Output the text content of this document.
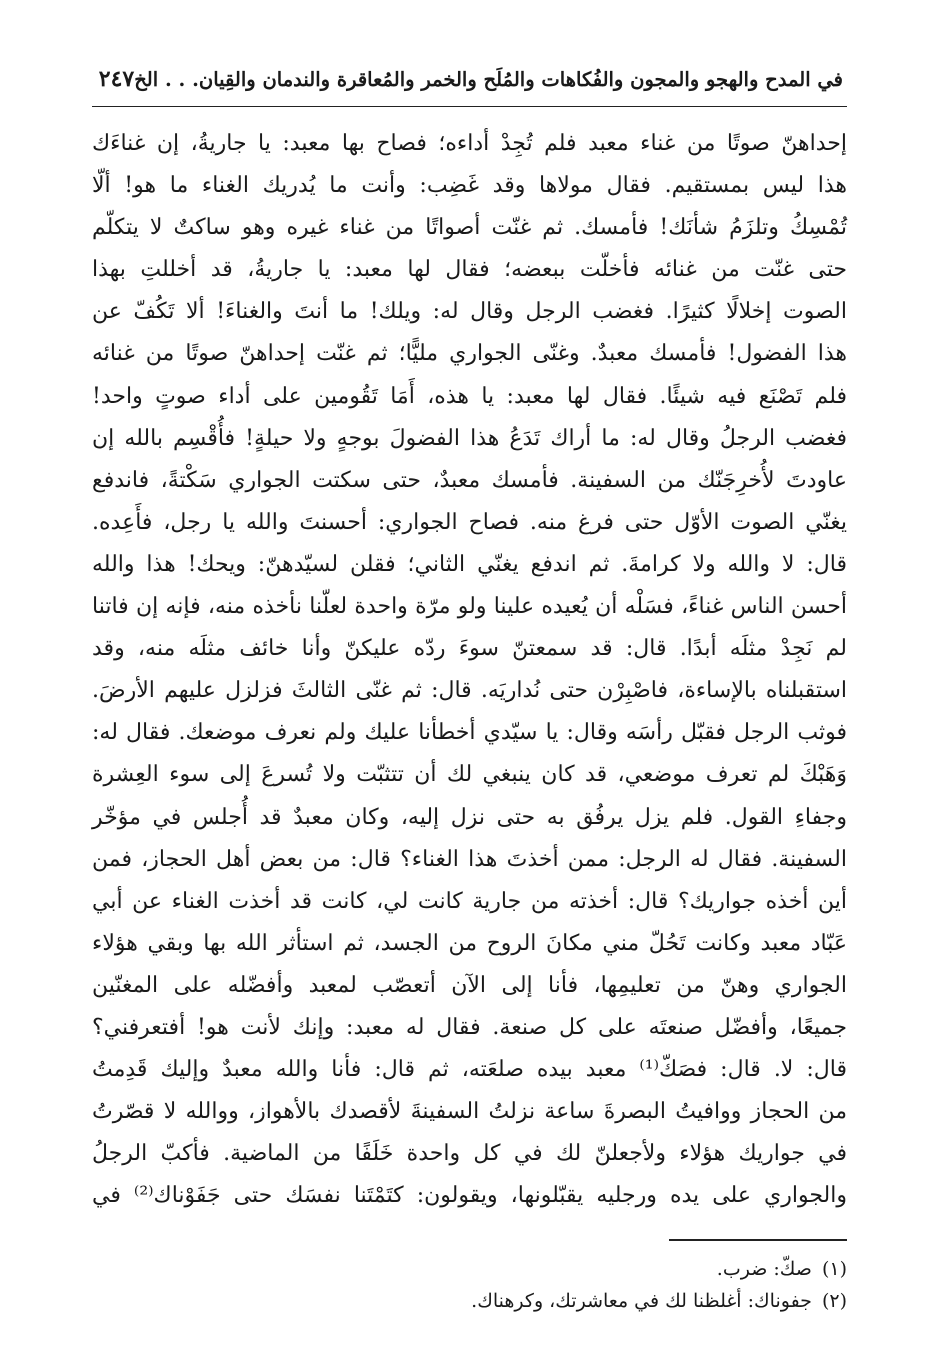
في المدح والهجو والمجون والفُكاهات والمُلَح والخمر والمُعاقرة والندمان والقِيان. . . الخ
٢٤٧
إحداهنّ صوتًا من غناء معبد فلم تُجِدْ أداءه؛ فصاح بها معبد: يا جاريةُ، إن غناءَك
هذا ليس بمستقيم. فقال مولاها وقد غَضِب: وأنت ما يُدريك الغناء ما هو! ألّا
تُمْسِكُ وتلزَمُ شأنَك! فأمسك. ثم غنّت أصواتًا من غناء غيره وهو ساكتٌ لا يتكلّم
حتى غنّت من غنائه فأخلّت ببعضه؛ فقال لها معبد: يا جاريةُ، قد أخللتِ بهذا
الصوت إخلالًا كثيرًا. فغضب الرجل وقال له: ويلك! ما أنتَ والغناءَ! ألا تَكُفّ عن
هذا الفضول! فأمسك معبدٌ. وغنّى الجواري مليًّا؛ ثم غنّت إحداهنّ صوتًا من غنائه
فلم تَصْنَع فيه شيئًا. فقال لها معبد: يا هذه، أَمَا تَقُومين على أداء صوتٍ واحد!
فغضب الرجلُ وقال له: ما أراك تَدَعُ هذا الفضولَ بوجهٍ ولا حيلةٍ! فأُقْسِم بالله إن
عاودتَ لأُخرِجَنّك من السفينة. فأمسك معبدٌ، حتى سكتت الجواري سَكْتةً، فاندفع
يغنّي الصوت الأوّل حتى فرغ منه. فصاح الجواري: أحسنتَ والله يا رجل، فأَعِده.
قال: لا والله ولا كرامةَ. ثم اندفع يغنّي الثاني؛ فقلن لسيّدهنّ: ويحك! هذا والله
أحسن الناس غناءً، فسَلْه أن يُعيده علينا ولو مرّة واحدة لعلّنا نأخذه منه، فإنه إن فاتنا
لم نَجِدْ مثلَه أبدًا. قال: قد سمعتنّ سوءَ ردّه عليكنّ وأنا خائف مثلَه منه، وقد
استقبلناه بالإساءة، فاصْبِرْن حتى نُداريَه. قال: ثم غنّى الثالثَ فزلزل عليهم الأرضَ.
فوثب الرجل فقبّل رأسَه وقال: يا سيّدي أخطأنا عليك ولم نعرف موضعك. فقال له:
وَهَبْكَ لم تعرف موضعي، قد كان ينبغي لك أن تتثبّت ولا تُسرعَ إلى سوء العِشرة
وجفاءِ القول. فلم يزل يرفُق به حتى نزل إليه، وكان معبدٌ قد أُجلس في مؤخّر
السفينة. فقال له الرجل: ممن أخذتَ هذا الغناء؟ قال: من بعض أهل الحجاز، فمن
أين أخذه جواريك؟ قال: أخذته من جارية كانت لي، كانت قد أخذت الغناء عن أبي
عَبّاد معبد وكانت تَحُلّ مني مكانَ الروح من الجسد، ثم استأثر الله بها وبقي هؤلاء
الجواري وهنّ من تعليمِها، فأنا إلى الآن أتعصّب لمعبد وأفضّله على المغنّين
جميعًا، وأفضّل صنعتَه على كل صنعة. فقال له معبد: وإنك لأنت هو! أفتعرفني؟
قال: لا. قال: فصَكّ⁽¹⁾ معبد بيده صلعَته، ثم قال: فأنا والله معبدٌ وإليك قَدِمتُ
من الحجاز ووافيتُ البصرةَ ساعة نزلتُ السفينةَ لأقصدك بالأهواز، ووالله لا قصّرتُ
في جواريك هؤلاء ولأجعلنّ لك في كل واحدة خَلَفًا من الماضية. فأكبّ الرجلُ
والجواري على يده ورجليه يقبّلونها، ويقولون: كتَمْتَنا نفسَك حتى جَفَوْناك⁽²⁾ في
(١)
صكّ: ضرب.
(٢)
جفوناك: أغلظنا لك في معاشرتك، وكرهناك.
